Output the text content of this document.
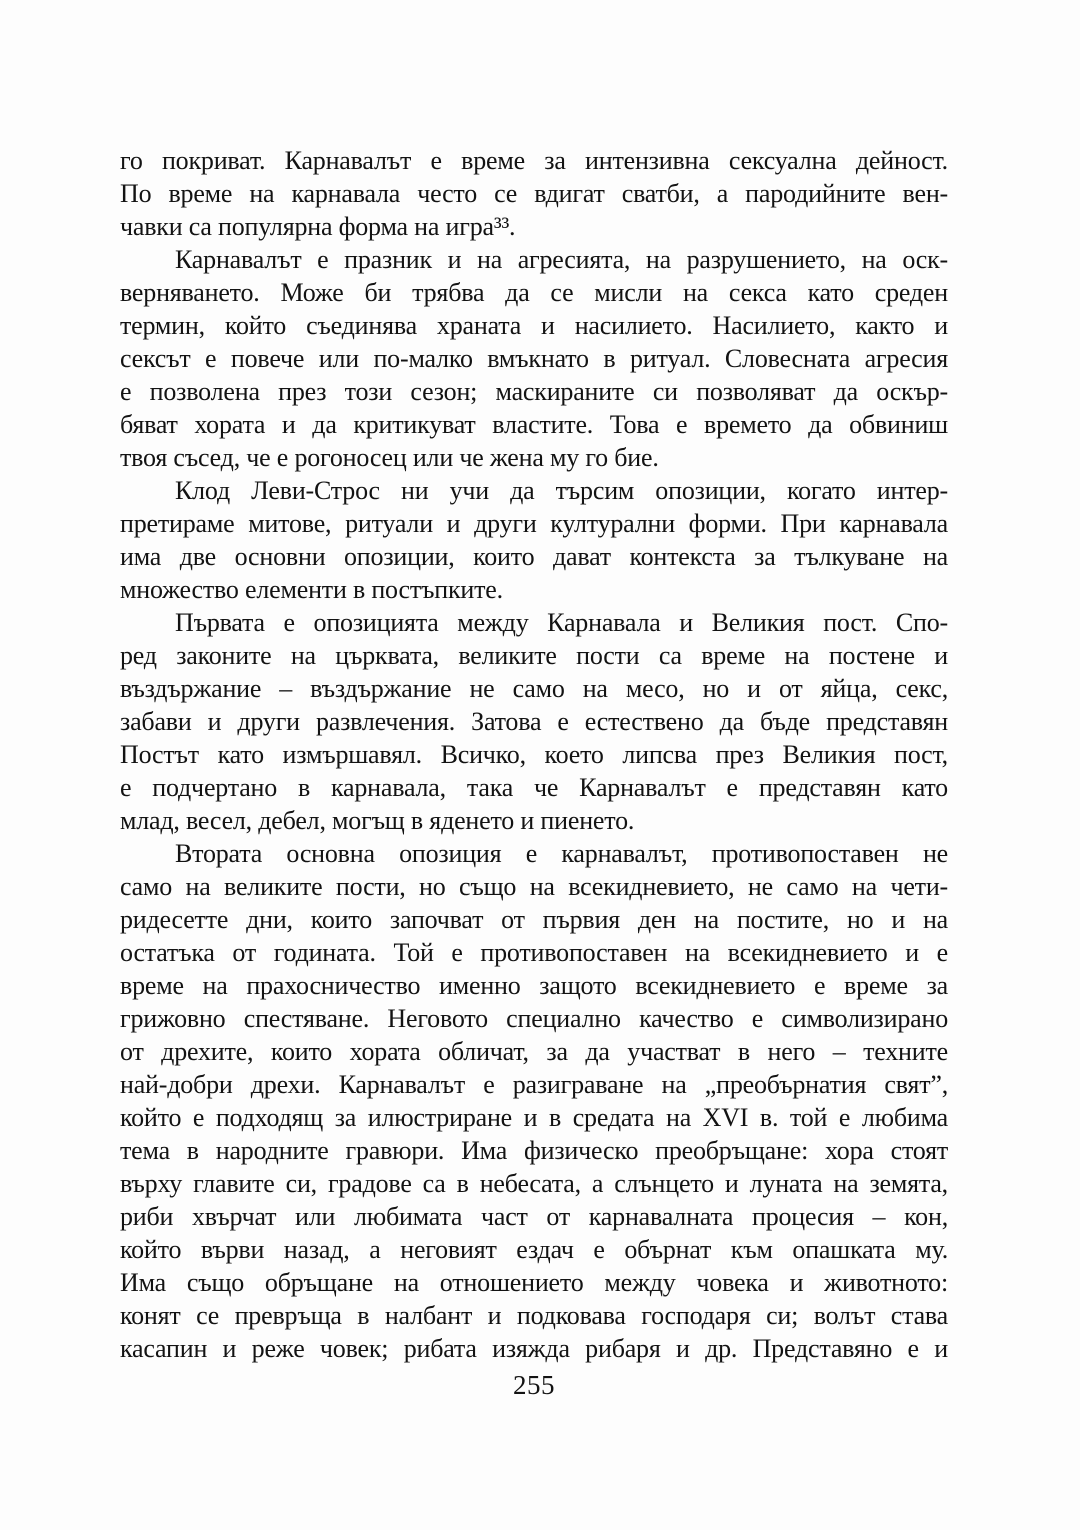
го покриват. Карнавалът е време за интензивна сексуална дейност.
По време на карнавала често се вдигат сватби, а пародийните вен-
чавки са популярна форма на игра³³.
Карнавалът е празник и на агресията, на разрушението, на оск-
верняването. Може би трябва да се мисли на секса като среден
термин, който съединява храната и насилието. Насилието, както и
сексът е повече или по-малко вмъкнато в ритуал. Словесната агресия
е позволена през този сезон; маскираните си позволяват да оскър-
бяват хората и да критикуват властите. Това е времето да обвиниш
твоя съсед, че е рогоносец или че жена му го бие.
Клод Леви-Строс ни учи да търсим опозиции, когато интер-
претираме митове, ритуали и други културални форми. При карнавала
има две основни опозиции, които дават контекста за тълкуване на
множество елементи в постъпките.
Първата е опозицията между Карнавала и Великия пост. Спо-
ред законите на църквата, великите пости са време на постене и
въздържание – въздържание не само на месо, но и от яйца, секс,
забави и други развлечения. Затова е естествено да бъде представян
Постът като измършавял. Всичко, което липсва през Великия пост,
е подчертано в карнавала, така че Карнавалът е представян като
млад, весел, дебел, могъщ в яденето и пиенето.
Втората основна опозиция е карнавалът, противопоставен не
само на великите пости, но също на всекидневието, не само на чети-
ридесетте дни, които започват от първия ден на постите, но и на
остатъка от годината. Той е противопоставен на всекидневието и е
време на прахосничество именно защото всекидневието е време за
грижовно спестяване. Неговото специално качество е символизирано
от дрехите, които хората обличат, за да участват в него – техните
най-добри дрехи. Карнавалът е разиграване на „преобърнатия свят”,
който е подходящ за илюстриране и в средата на XVI в. той е любима
тема в народните гравюри. Има физическо преобръщане: хора стоят
върху главите си, градове са в небесата, а слънцето и луната на земята,
риби хвърчат или любимата част от карнавалната процесия – кон,
който върви назад, а неговият ездач е обърнат към опашката му.
Има също обръщане на отношението между човека и животното:
конят се превръща в налбант и подковава господаря си; волът става
касапин и реже човек; рибата изяжда рибаря и др. Представяно е и
255
